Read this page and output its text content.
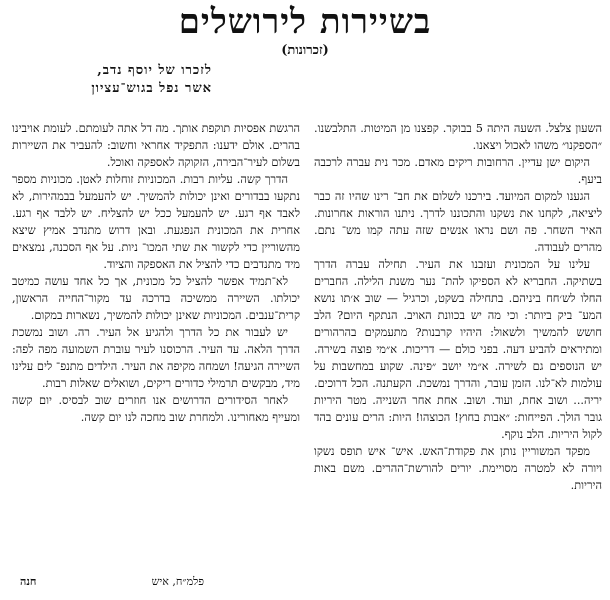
בשיירות לירושלים
(זכרונות)
לזכרו של יוסף נדב,
אשר נפל בגוש־עציון

השעון צלצל. השעה היתה 5 בבוקר. קפצנו מן המיטות. התלבשנו. ״הספקנו״ משהו לאכול ויצאנו.

היקום ישן עדיין. הרחובות ריקים מאדם. מכר נית עברה לרכבה ביעף.

הגענו למקום המיועד. בירכנו לשלום את חב־ רינו שהיו זה כבר ליציאה, לקחנו את נשקנו והתכוננו לדרך. ניתנו הוראות אחרונות. האיר השחר. פה ושם נראו אנשים שזה עתה קמו מש־ נתם. מהרים לעבודה.

עלינו על המכונית ועזבנו את העיר. תחילה עברה הדרך בשתיקה. החבריא לא הספיקו להת־ נער משנת הלילה. החברים החלו לש׳חח ביניהם. בתחילה בשקט, וכרגיל — שוב א׳תו נושא המע־ ביק ביותר: וכי מה יש בכוונת האויב. הנתקף היום? הלב חושש להמשיך ולשאול: היהיו קרבנות? מתעמקים בהרהורים ומתיראים להביע דעה. בפני כולם — דריכות. א״מי פוצה בשירה. יש הנוספים גם לשירה. א״מי יושב ״פינה. שקוע במחשבות על עולמות לא־לנו. הזמן עובר, והדרך נמשכת. הקעתנה. הכל דרוכים. יריה... ושוב אחת, ועוד. ושוב. אחת אחר השנייה. מטר היריות גובר הולך. הפייחות: ״אבות בחוץ! הכוצהו! היות: הרים עונים בהד לקול היריות. הלב נוקף.

מפקד המשוריין נותן את פקודת־האש. איש־ איש תופס נשקו ויורה לא למטרה מסויימת. יורים להורשת־ההרים. משם באות היריות.

הרגשת אפסיות תוקפת אותך. מה דל אתה לעומתם. לעומת אויבינו בהרים. אולם ידענו: התפקיד אחראי וחשוב: להעביר את השיירות בשלום לעיר־הבירה, הזקוקה לאספקה ואוכל.

הדרך קשה. עליות רבות. המכוניות זוחלות לאטן. מכוניות מספר נתקעו בבדורים ואינן יכולות להמשיך. יש להעמעל בבמהירות, לא לאבד אף רגע. יש להעמעל ככל יש להצליח. יש ללבד אף רגע. אחרית את המכונית הנפגעת. ובאן דרוש מתנדב אמיץ שיצא מהשוריין כדי לקשור את שתי המכו־ ניות. על אף הסכנה, נמצאים מיד מתנדבים כדי להציל את האספקה והציוד.

לא־תמיד אפשר להציל כל מכונית, אך כל אחד עושה כמיטב יכולתו. השיירה ממשיכה בדרכה עד מקור־החייה הראשון, קרית־ענבים. המכוניות שאינן יכולות להמשיך, נשארות במקום.

יש לעבור את כל הדרך ולהגיע אל העיר. רה. ושוב נמשכת הדרך הלאה. עד העיר. הרכוסנו לעיר עוברת השמועה מפה לפה: השיירה הגיעה! ושמחה מקיפה את העיר. הילדים מתנפ־ לים עלינו מיד, מבקשים תרמילי כדורים ריקים, ושואלים שאלות רבות.

לאחר הסידורים הדרושים אנו חוזרים שוב לבסיס. יום קשה ומעייף מאחורינו. ולמחרת שוב מחכה לנו יום קשה.

פלמ״ח, איש
חנה
